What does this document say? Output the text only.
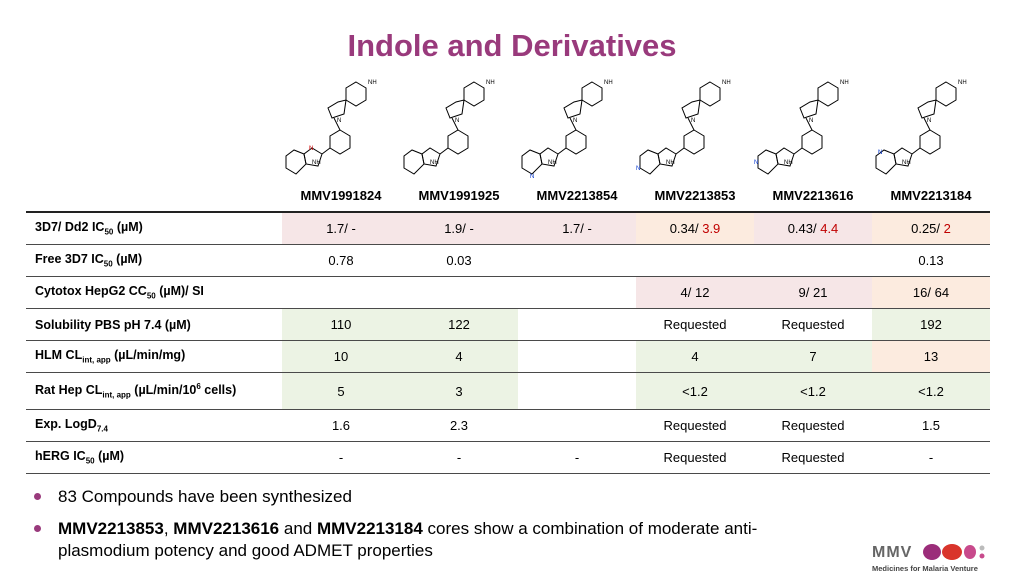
Indole and Derivatives
NH
N
N
NH
NH
N
NH
NH
N
NH
N
NH
N
NH
N
NH
N
NH
N
NH
N
NH
N
MMV1991824	MMV1991925	MMV2213854	MMV2213853	MMV2213616	MMV2213184
3D7/ Dd2 $IC_{50}$ (µM)	1.7/ -	1.9/ -	1.7/ -	0.34/ 3.9	0.43/ 4.4	0.25/ 2
Free 3D7 $IC_{50}$ (µM)	0.78	0.03				0.13
Cytotox HepG2 $CC_{50}$ (µM)/ SI				4/ 12	9/ 21	16/ 64
Solubility PBS pH 7.4 (µM)	110	122		Requested	Requested	192
HLM $CL_{int, app}$ (µL/min/mg)	10	4		4	7	13
Rat Hep $CL_{int, app}$ ($\mu L/\min/10^6$ cells)	5	3		<1.2	<1.2	<1.2
Exp. LogD$_{7.4}$	1.6	2.3		Requested	Requested	1.5
hERG $IC_{50}$ (µM)	-	-	-	Requested	Requested	-
83 Compounds have been synthesized
MMV2213853, MMV2213616 and MMV2213184 cores show a combination of moderate anti-plasmodium potency and good ADMET properties	MMV
Medicines for Malaria Venture
